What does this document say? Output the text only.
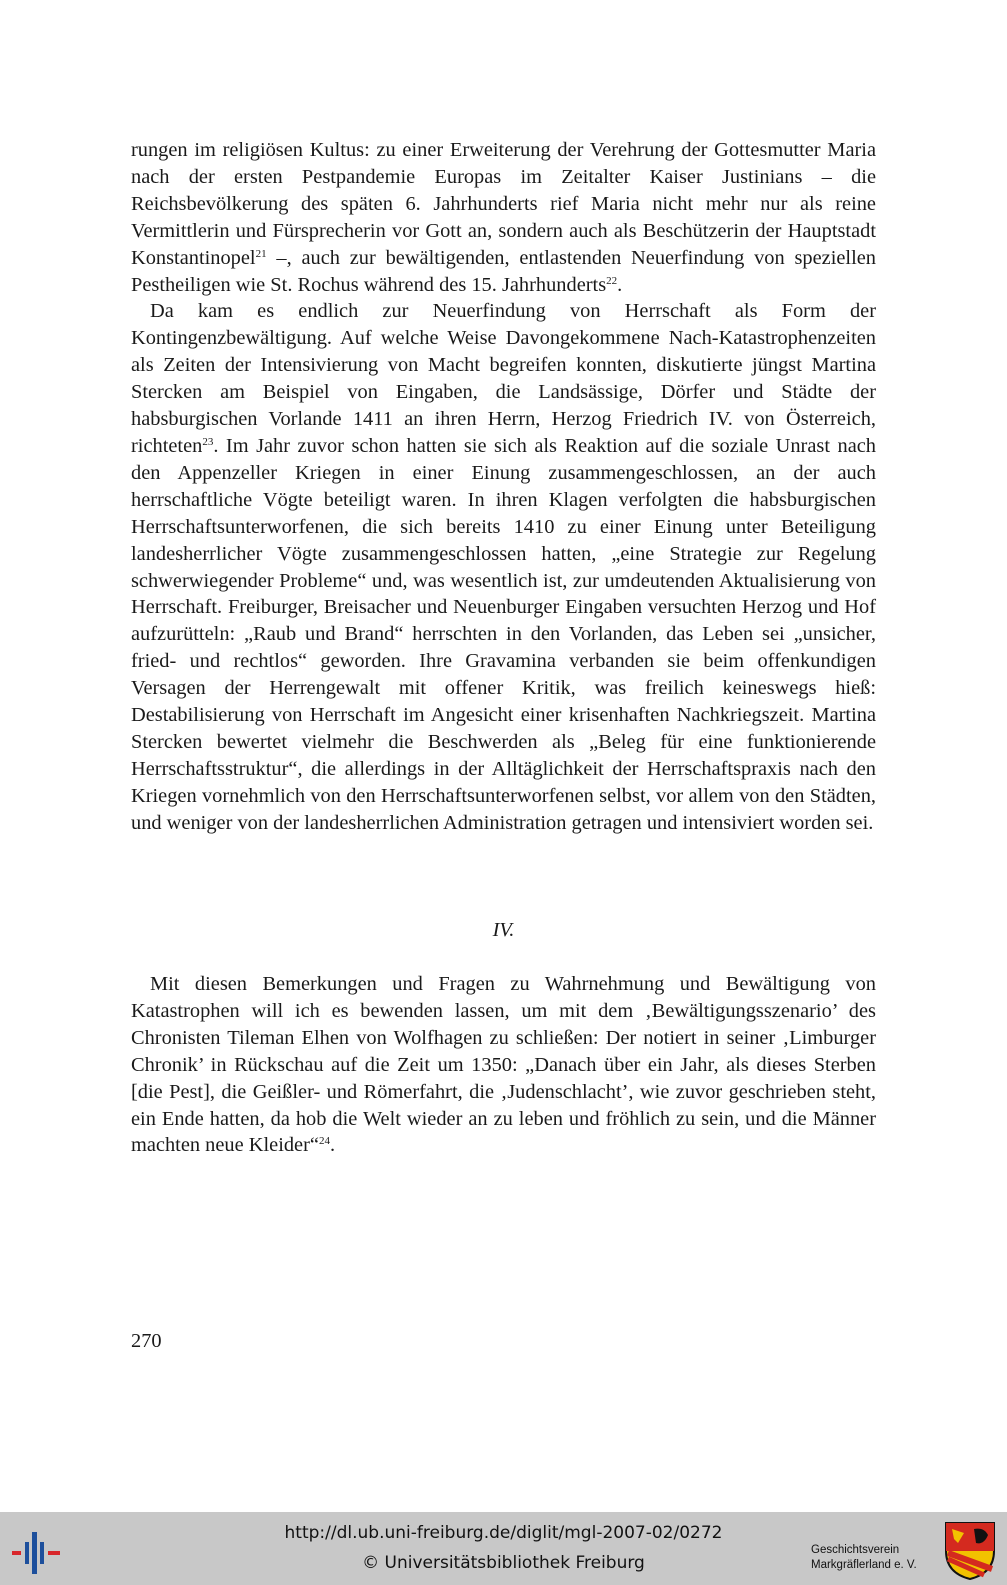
rungen im religiösen Kultus: zu einer Erweiterung der Verehrung der Gottesmutter Maria nach der ersten Pestpandemie Europas im Zeitalter Kaiser Justinians – die Reichsbevölkerung des späten 6. Jahrhunderts rief Maria nicht mehr nur als reine Vermittlerin und Fürsprecherin vor Gott an, sondern auch als Beschützerin der Hauptstadt Konstantinopel$^{21}$ –, auch zur bewältigenden, entlastenden Neuerfindung von speziellen Pestheiligen wie St. Rochus während des 15. Jahrhunderts$^{22}$.

Da kam es endlich zur Neuerfindung von Herrschaft als Form der Kontingenzbewältigung. Auf welche Weise Davongekommene Nach-Katastrophenzeiten als Zeiten der Intensivierung von Macht begreifen konnten, diskutierte jüngst Martina Stercken am Beispiel von Eingaben, die Landsässige, Dörfer und Städte der habsburgischen Vorlande 1411 an ihren Herrn, Herzog Friedrich IV. von Österreich, richteten$^{23}$. Im Jahr zuvor schon hatten sie sich als Reaktion auf die soziale Unrast nach den Appenzeller Kriegen in einer Einung zusammengeschlossen, an der auch herrschaftliche Vögte beteiligt waren. In ihren Klagen verfolgten die habsburgischen Herrschaftsunterworfenen, die sich bereits 1410 zu einer Einung unter Beteiligung landesherrlicher Vögte zusammengeschlossen hatten, „eine Strategie zur Regelung schwerwiegender Probleme“ und, was wesentlich ist, zur umdeutenden Aktualisierung von Herrschaft. Freiburger, Breisacher und Neuenburger Eingaben versuchten Herzog und Hof aufzurütteln: „Raub und Brand“ herrschten in den Vorlanden, das Leben sei „unsicher, fried- und rechtlos“ geworden. Ihre Gravamina verbanden sie beim offenkundigen Versagen der Herrengewalt mit offener Kritik, was freilich keineswegs hieß: Destabilisierung von Herrschaft im Angesicht einer krisenhaften Nachkriegszeit. Martina Stercken bewertet vielmehr die Beschwerden als „Beleg für eine funktionierende Herrschaftsstruktur“, die allerdings in der Alltäglichkeit der Herrschaftspraxis nach den Kriegen vornehmlich von den Herrschaftsunterworfenen selbst, vor allem von den Städten, und weniger von der landesherrlichen Administration getragen und intensiviert worden sei.

IV.

Mit diesen Bemerkungen und Fragen zu Wahrnehmung und Bewältigung von Katastrophen will ich es bewenden lassen, um mit dem ‚Bewältigungsszenario’ des Chronisten Tileman Elhen von Wolfhagen zu schließen: Der notiert in seiner ‚Limburger Chronik’ in Rückschau auf die Zeit um 1350: „Danach über ein Jahr, als dieses Sterben [die Pest], die Geißler- und Römerfahrt, die ‚Judenschlacht’, wie zuvor geschrieben steht, ein Ende hatten, da hob die Welt wieder an zu leben und fröhlich zu sein, und die Männer machten neue Kleider“$^{24}$.

270
http://dl.ub.uni-freiburg.de/diglit/mgl-2007-02/0272
© Universitätsbibliothek Freiburg
Geschichtsverein
Markgräflerland e. V.
